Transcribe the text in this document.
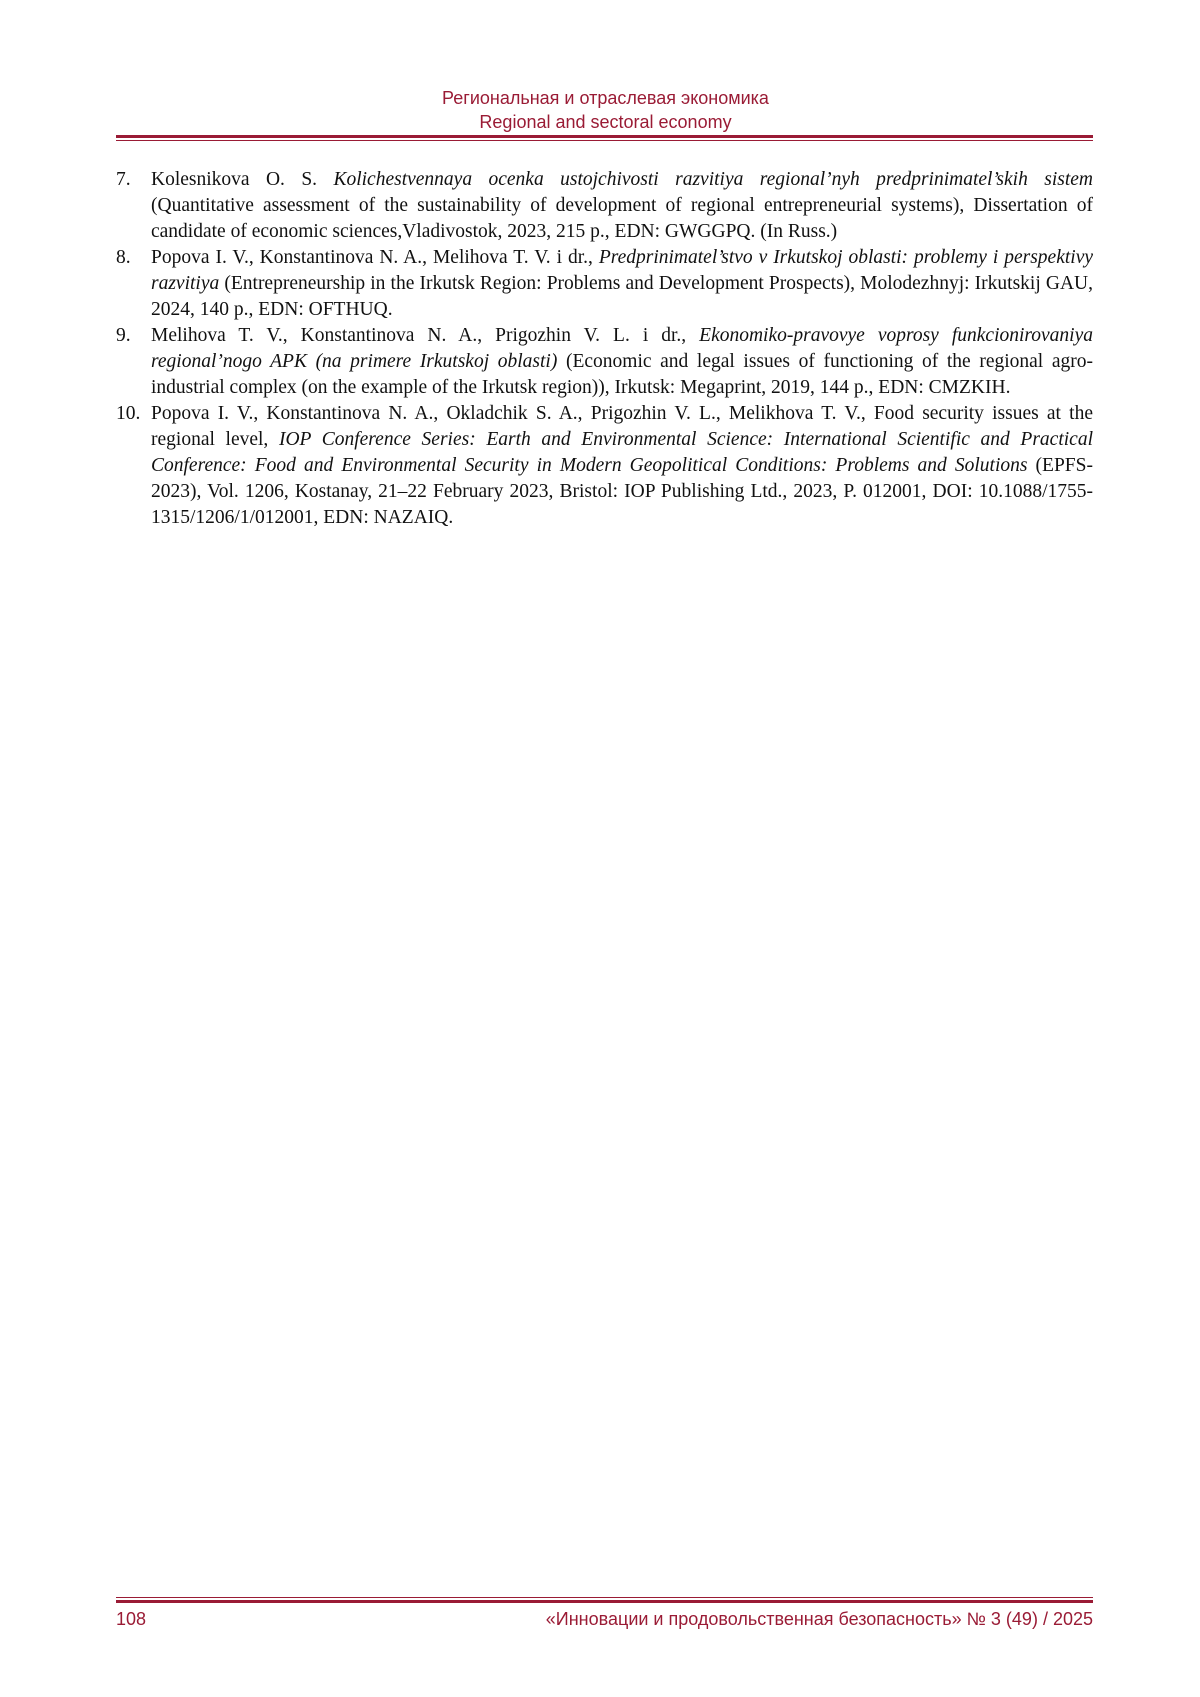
Региональная и отраслевая экономика
Regional and sectoral economy
7. Kolesnikova O. S. Kolichestvennaya ocenka ustojchivosti razvitiya regional’nyh predprinimatel’skih sistem (Quantitative assessment of the sustainability of development of regional entrepreneurial systems), Dissertation of candidate of economic sciences,Vladivostok, 2023, 215 p., EDN: GWGGPQ. (In Russ.)
8. Popova I. V., Konstantinova N. A., Melihova T. V. i dr., Predprinimatel’stvo v Irkutskoj oblasti: problemy i perspektivy razvitiya (Entrepreneurship in the Irkutsk Region: Problems and Development Prospects), Molodezhnyj: Irkutskij GAU, 2024, 140 p., EDN: OFTHUQ.
9. Melihova T. V., Konstantinova N. A., Prigozhin V. L. i dr., Ekonomiko-pravovye voprosy funkcionirovaniya regional’nogo APK (na primere Irkutskoj oblasti) (Economic and legal issues of functioning of the regional agro-industrial complex (on the example of the Irkutsk region)), Irkutsk: Megaprint, 2019, 144 p., EDN: CMZKIH.
10. Popova I. V., Konstantinova N. A., Okladchik S. A., Prigozhin V. L., Melikhova T. V., Food security issues at the regional level, IOP Conference Series: Earth and Environmental Science: International Scientific and Practical Conference: Food and Environmental Security in Modern Geopolitical Conditions: Problems and Solutions (EPFS-2023), Vol. 1206, Kostanay, 21–22 February 2023, Bristol: IOP Publishing Ltd., 2023, P. 012001, DOI: 10.1088/1755-1315/1206/1/012001, EDN: NAZAIQ.
108	«Инновации и продовольственная безопасность» № 3 (49) / 2025
